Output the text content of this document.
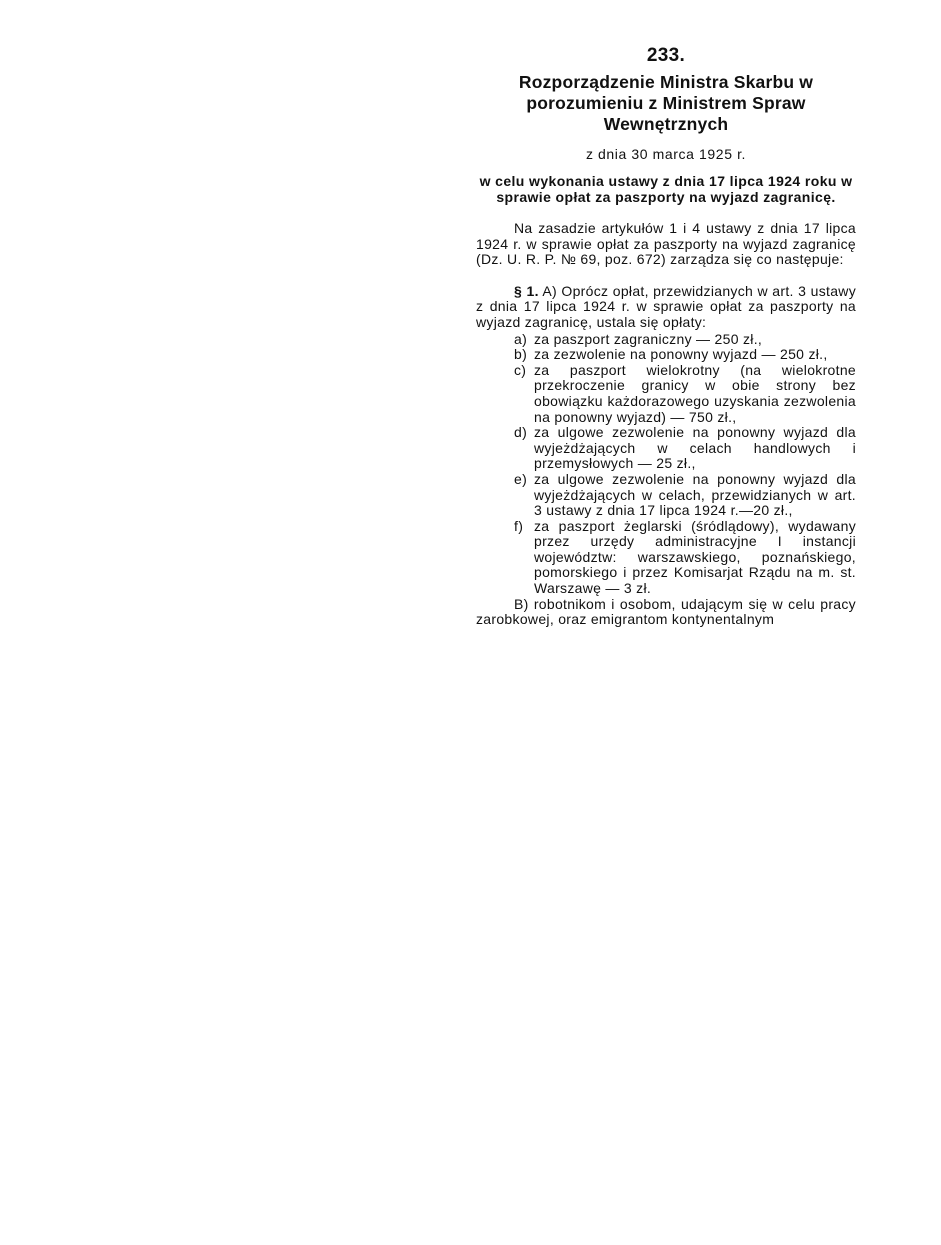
233.
Rozporządzenie Ministra Skarbu w porozumieniu z Ministrem Spraw Wewnętrznych
z dnia 30 marca 1925 r.
w celu wykonania ustawy z dnia 17 lipca 1924 roku w sprawie opłat za paszporty na wyjazd zagranicę.

Na zasadzie artykułów 1 i 4 ustawy z dnia 17 lipca 1924 r. w sprawie opłat za paszporty na wyjazd zagranicę (Dz. U. R. P. № 69, poz. 672) zarządza się co następuje:

§ 1. A) Oprócz opłat, przewidzianych w art. 3 ustawy z dnia 17 lipca 1924 r. w sprawie opłat za paszporty na wyjazd zagranicę, ustala się opłaty:

a) za paszport zagraniczny — 250 zł.,
b) za zezwolenie na ponowny wyjazd — 250 zł.,
c) za paszport wielokrotny (na wielokrotne przekroczenie granicy w obie strony bez obowiązku każdorazowego uzyskania zezwolenia na ponowny wyjazd) — 750 zł.,
d) za ulgowe zezwolenie na ponowny wyjazd dla wyjeżdżających w celach handlowych i przemysłowych — 25 zł.,
e) za ulgowe zezwolenie na ponowny wyjazd dla wyjeżdżających w celach, przewidzianych w art. 3 ustawy z dnia 17 lipca 1924 r.—20 zł.,
f) za paszport żeglarski (śródlądowy), wydawany przez urzędy administracyjne I instancji województw: warszawskiego, poznańskiego, pomorskiego i przez Komisarjat Rządu na m. st. Warszawę — 3 zł.

B) robotnikom i osobom, udającym się w celu pracy zarobkowej, oraz emigrantom kontynentalnym
